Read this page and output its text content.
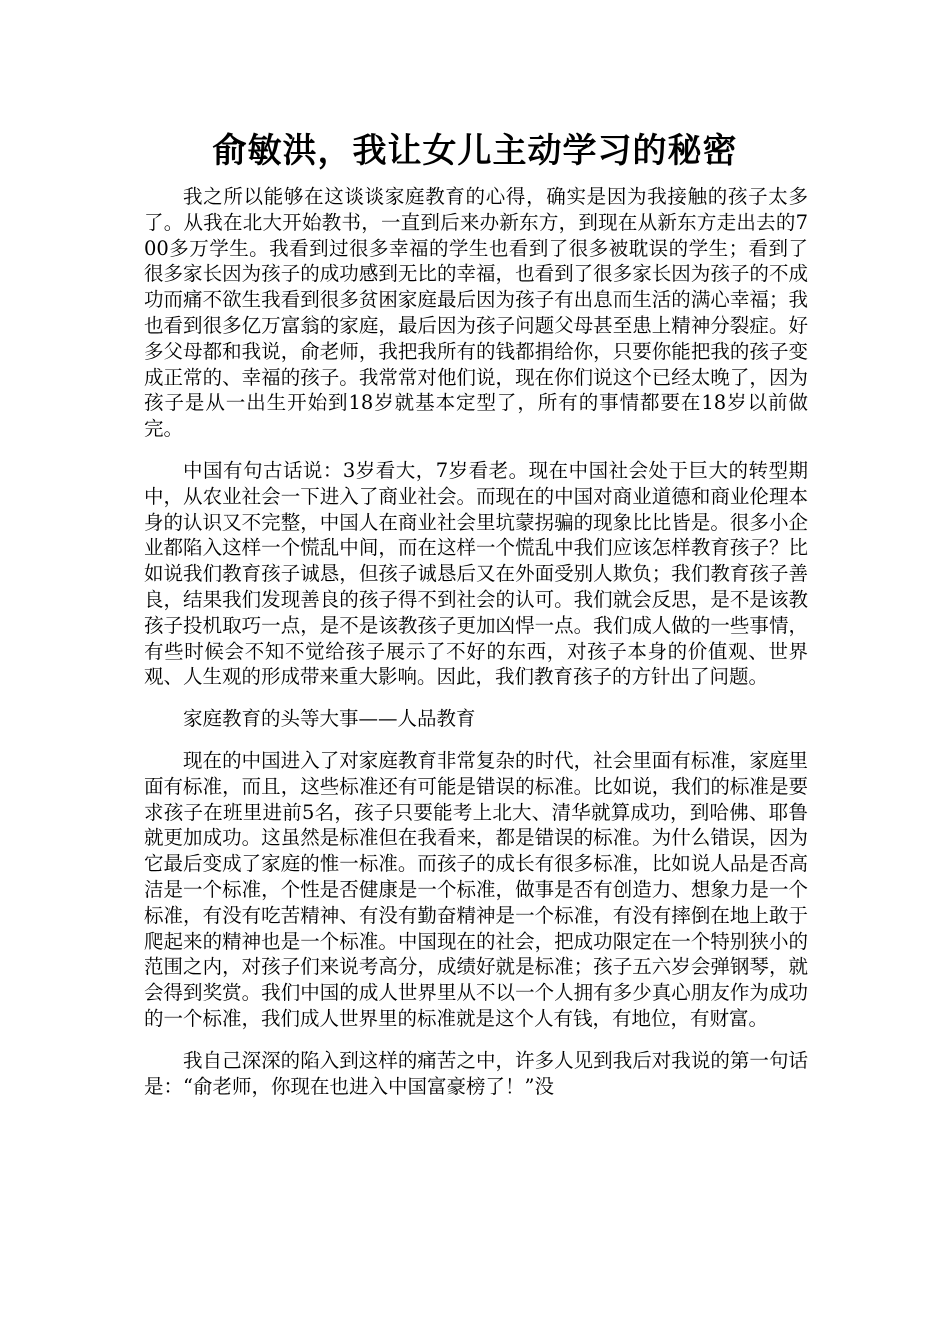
俞敏洪，我让女儿主动学习的秘密

我之所以能够在这谈谈家庭教育的心得，确实是因为我接触的孩子太多了。从我在北大开始教书，一直到后来办新东方，到现在从新东方走出去的700多万学生。我看到过很多幸福的学生也看到了很多被耽误的学生；看到了很多家长因为孩子的成功感到无比的幸福，也看到了很多家长因为孩子的不成功而痛不欲生我看到很多贫困家庭最后因为孩子有出息而生活的满心幸福；我也看到很多亿万富翁的家庭，最后因为孩子问题父母甚至患上精神分裂症。好多父母都和我说，俞老师，我把我所有的钱都捐给你，只要你能把我的孩子变成正常的、幸福的孩子。我常常对他们说，现在你们说这个已经太晚了，因为孩子是从一出生开始到18岁就基本定型了，所有的事情都要在18岁以前做完。

中国有句古话说：3岁看大，7岁看老。现在中国社会处于巨大的转型期中，从农业社会一下进入了商业社会。而现在的中国对商业道德和商业伦理本身的认识又不完整，中国人在商业社会里坑蒙拐骗的现象比比皆是。很多小企业都陷入这样一个慌乱中间，而在这样一个慌乱中我们应该怎样教育孩子？比如说我们教育孩子诚恳，但孩子诚恳后又在外面受别人欺负；我们教育孩子善良，结果我们发现善良的孩子得不到社会的认可。我们就会反思，是不是该教孩子投机取巧一点，是不是该教孩子更加凶悍一点。我们成人做的一些事情，有些时候会不知不觉给孩子展示了不好的东西，对孩子本身的价值观、世界观、人生观的形成带来重大影响。因此，我们教育孩子的方针出了问题。

家庭教育的头等大事——人品教育

现在的中国进入了对家庭教育非常复杂的时代，社会里面有标准，家庭里面有标准，而且，这些标准还有可能是错误的标准。比如说，我们的标准是要求孩子在班里进前5名，孩子只要能考上北大、清华就算成功，到哈佛、耶鲁就更加成功。这虽然是标准但在我看来，都是错误的标准。为什么错误，因为它最后变成了家庭的惟一标准。而孩子的成长有很多标准，比如说人品是否高洁是一个标准，个性是否健康是一个标准，做事是否有创造力、想象力是一个标准，有没有吃苦精神、有没有勤奋精神是一个标准，有没有摔倒在地上敢于爬起来的精神也是一个标准。中国现在的社会，把成功限定在一个特别狭小的范围之内，对孩子们来说考高分，成绩好就是标准；孩子五六岁会弹钢琴，就会得到奖赏。我们中国的成人世界里从不以一个人拥有多少真心朋友作为成功的一个标准，我们成人世界里的标准就是这个人有钱，有地位，有财富。

我自己深深的陷入到这样的痛苦之中，许多人见到我后对我说的第一句话是：“俞老师，你现在也进入中国富豪榜了！”没
